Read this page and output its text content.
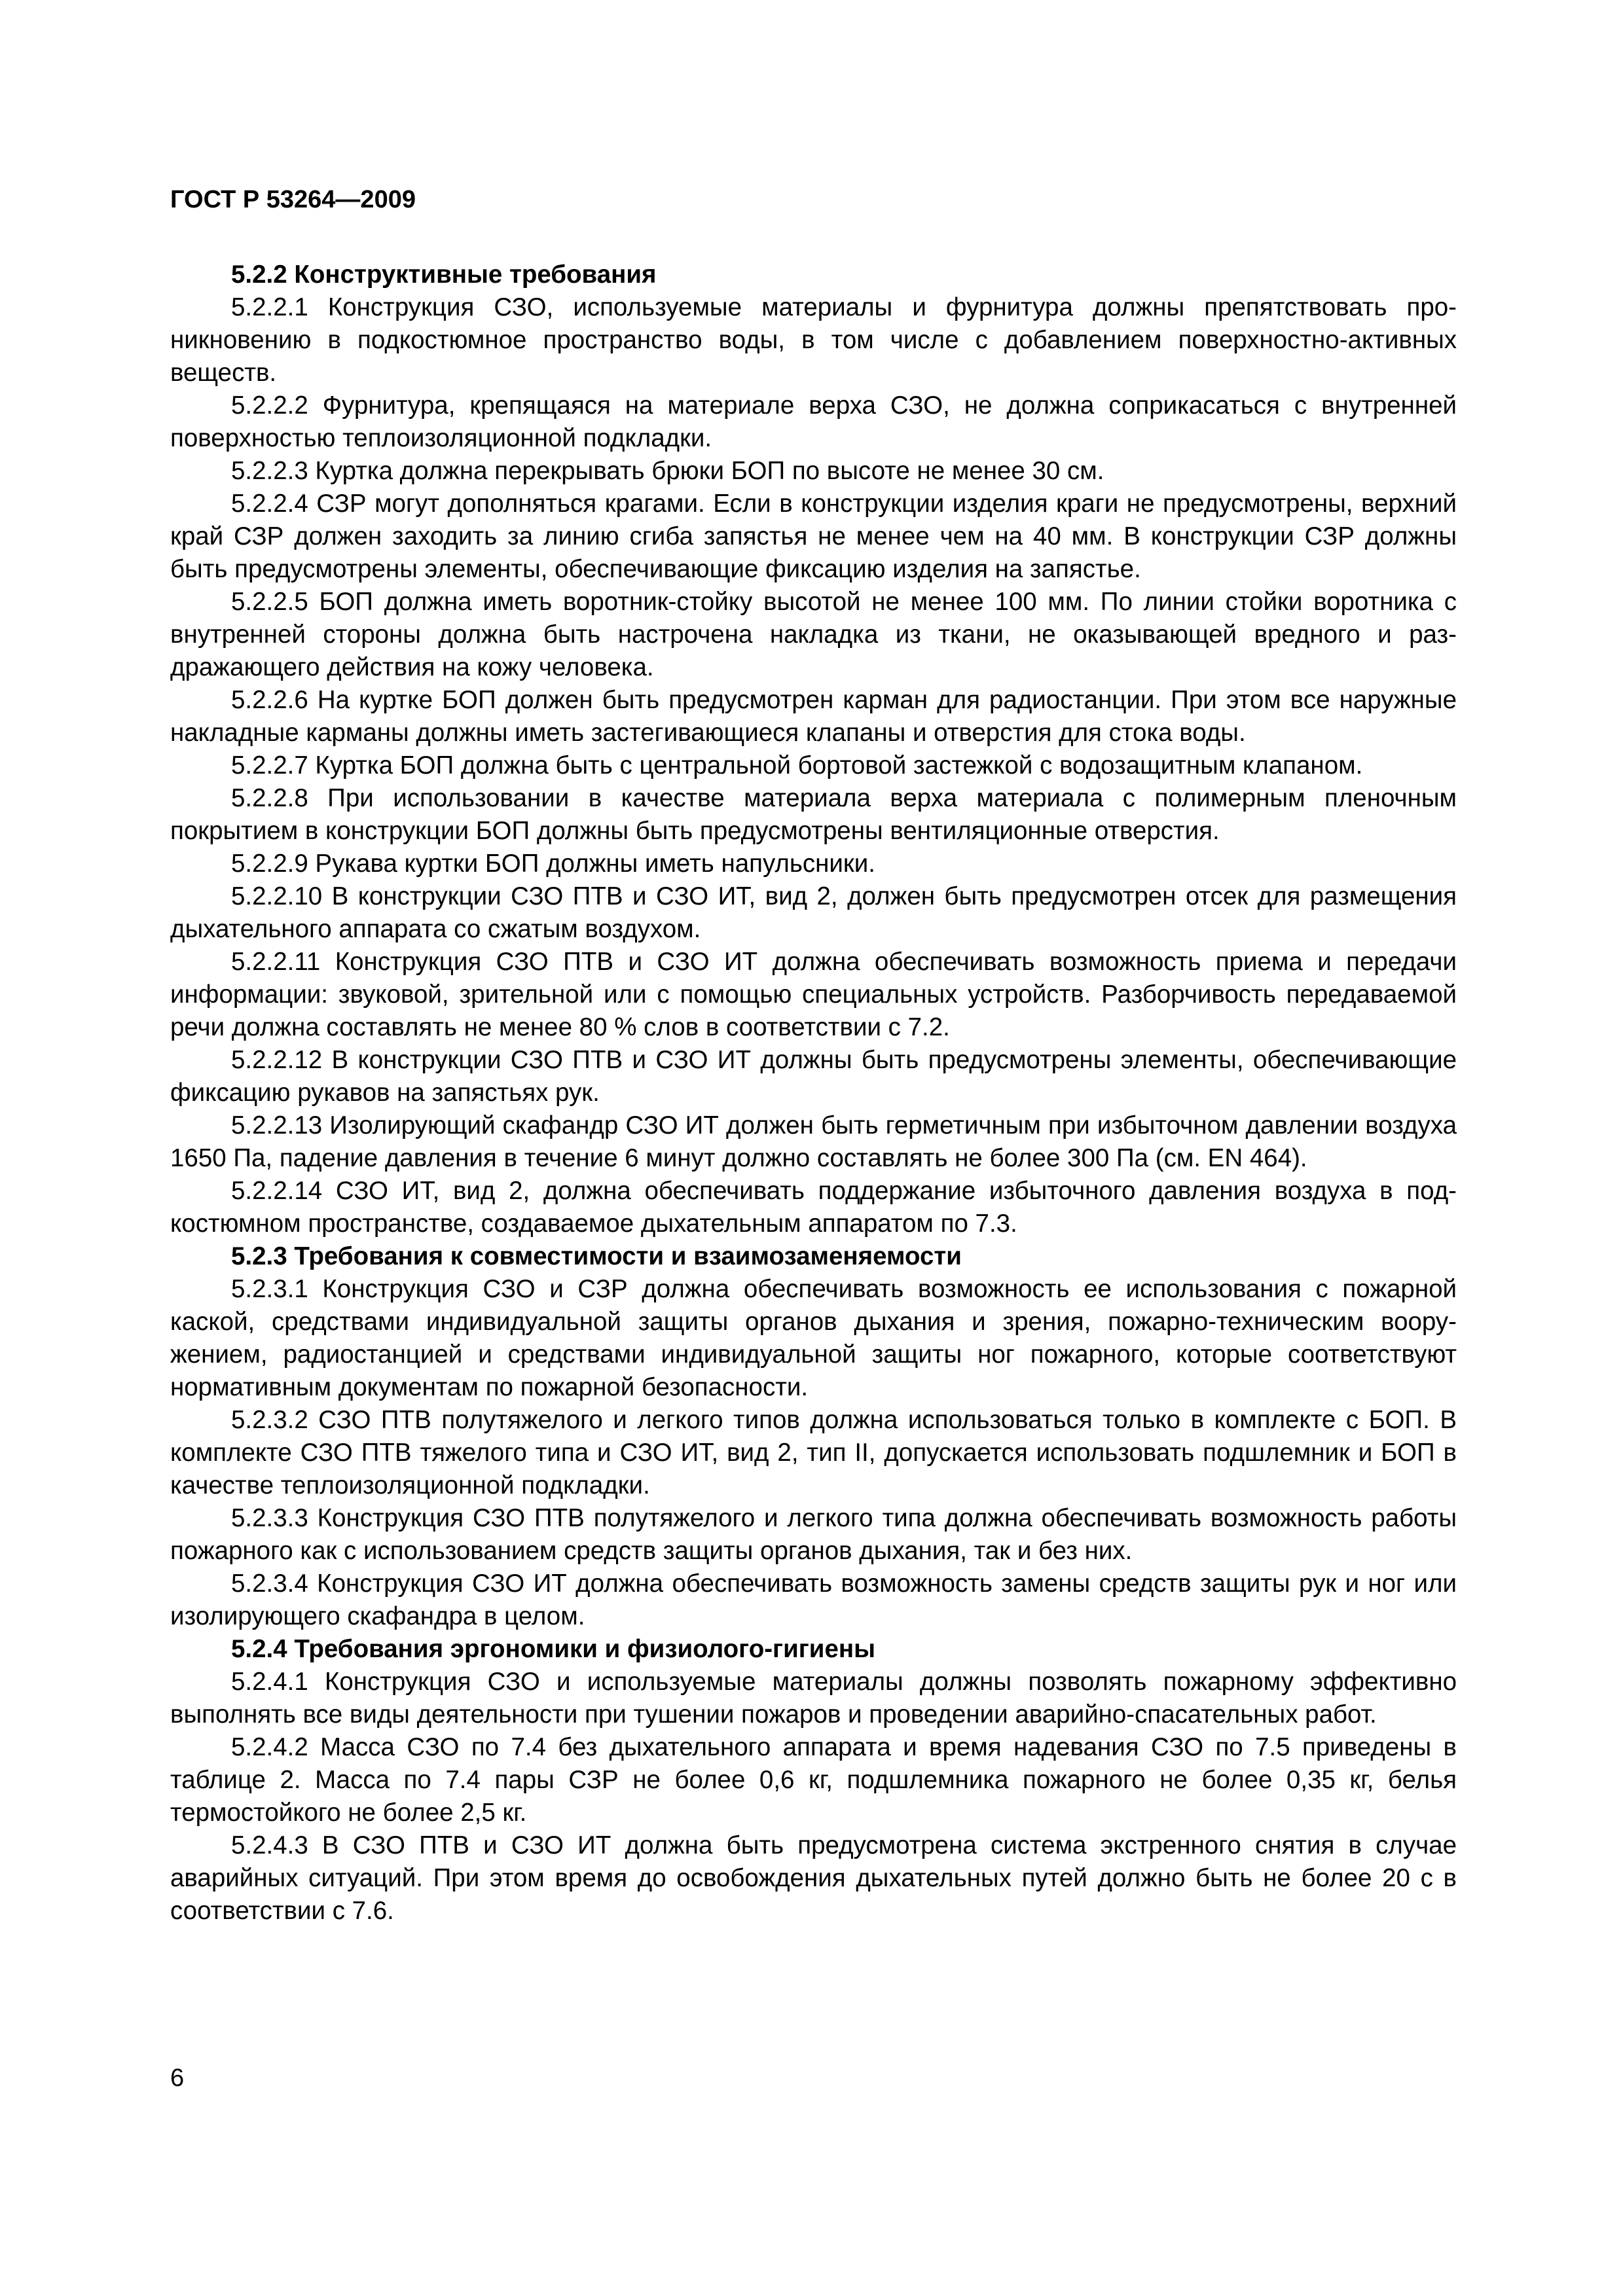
ГОСТ Р 53264—2009
5.2.2 Конструктивные требования

5.2.2.1 Конструкция СЗО, используемые материалы и фурнитура должны препятствовать проникновению в подкостюмное пространство воды, в том числе с добавлением поверхностно-активных веществ.

5.2.2.2 Фурнитура, крепящаяся на материале верха СЗО, не должна соприкасаться с внутренней поверхностью теплоизоляционной подкладки.

5.2.2.3 Куртка должна перекрывать брюки БОП по высоте не менее 30 см.

5.2.2.4 СЗР могут дополняться крагами. Если в конструкции изделия краги не предусмотрены, верхний край СЗР должен заходить за линию сгиба запястья не менее чем на 40 мм. В конструкции СЗР должны быть предусмотрены элементы, обеспечивающие фиксацию изделия на запястье.

5.2.2.5 БОП должна иметь воротник-стойку высотой не менее 100 мм. По линии стойки воротника с внутренней стороны должна быть настрочена накладка из ткани, не оказывающей вредного и раздражающего действия на кожу человека.

5.2.2.6 На куртке БОП должен быть предусмотрен карман для радиостанции. При этом все наружные накладные карманы должны иметь застегивающиеся клапаны и отверстия для стока воды.

5.2.2.7 Куртка БОП должна быть с центральной бортовой застежкой с водозащитным клапаном.

5.2.2.8 При использовании в качестве материала верха материала с полимерным пленочным покрытием в конструкции БОП должны быть предусмотрены вентиляционные отверстия.

5.2.2.9 Рукава куртки БОП должны иметь напульсники.

5.2.2.10 В конструкции СЗО ПТВ и СЗО ИТ, вид 2, должен быть предусмотрен отсек для размещения дыхательного аппарата со сжатым воздухом.

5.2.2.11 Конструкция СЗО ПТВ и СЗО ИТ должна обеспечивать возможность приема и передачи информации: звуковой, зрительной или с помощью специальных устройств. Разборчивость передаваемой речи должна составлять не менее 80 % слов в соответствии с 7.2.

5.2.2.12 В конструкции СЗО ПТВ и СЗО ИТ должны быть предусмотрены элементы, обеспечивающие фиксацию рукавов на запястьях рук.

5.2.2.13 Изолирующий скафандр СЗО ИТ должен быть герметичным при избыточном давлении воздуха 1650 Па, падение давления в течение 6 минут должно составлять не более 300 Па (см. EN 464).

5.2.2.14 СЗО ИТ, вид 2, должна обеспечивать поддержание избыточного давления воздуха в подкостюмном пространстве, создаваемое дыхательным аппаратом по 7.3.

5.2.3 Требования к совместимости и взаимозаменяемости

5.2.3.1 Конструкция СЗО и СЗР должна обеспечивать возможность ее использования с пожарной каской, средствами индивидуальной защиты органов дыхания и зрения, пожарно-техническим вооружением, радиостанцией и средствами индивидуальной защиты ног пожарного, которые соответствуют нормативным документам по пожарной безопасности.

5.2.3.2 СЗО ПТВ полутяжелого и легкого типов должна использоваться только в комплекте с БОП. В комплекте СЗО ПТВ тяжелого типа и СЗО ИТ, вид 2, тип II, допускается использовать подшлемник и БОП в качестве теплоизоляционной подкладки.

5.2.3.3 Конструкция СЗО ПТВ полутяжелого и легкого типа должна обеспечивать возможность работы пожарного как с использованием средств защиты органов дыхания, так и без них.

5.2.3.4 Конструкция СЗО ИТ должна обеспечивать возможность замены средств защиты рук и ног или изолирующего скафандра в целом.

5.2.4 Требования эргономики и физиолого-гигиены

5.2.4.1 Конструкция СЗО и используемые материалы должны позволять пожарному эффективно выполнять все виды деятельности при тушении пожаров и проведении аварийно-спасательных работ.

5.2.4.2 Масса СЗО по 7.4 без дыхательного аппарата и время надевания СЗО по 7.5 приведены в таблице 2. Масса по 7.4 пары СЗР не более 0,6 кг, подшлемника пожарного не более 0,35 кг, белья термостойкого не более 2,5 кг.

5.2.4.3 В СЗО ПТВ и СЗО ИТ должна быть предусмотрена система экстренного снятия в случае аварийных ситуаций. При этом время до освобождения дыхательных путей должно быть не более 20 с в соответствии с 7.6.

6
